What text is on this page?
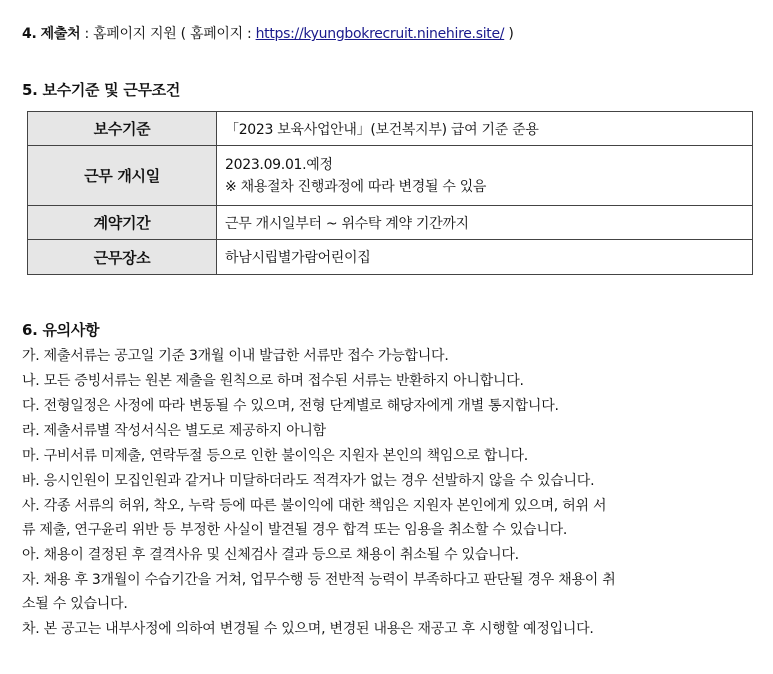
4. 제출처 : 홈페이지 지원 ( 홈페이지 : https://kyungbokrecruit.ninehire.site/ )
5. 보수기준 및 근무조건
보수기준	「2023 보육사업안내」(보건복지부) 급여 기준 준용
근무 개시일	2023.09.01.예정
※ 채용절차 진행과정에 따라 변경될 수 있음

계약기간	근무 개시일부터 ~ 위수탁 계약 기간까지
근무장소	하남시립별가람어린이집
6. 유의사항
가. 제출서류는 공고일 기준 3개월 이내 발급한 서류만 접수 가능합니다.
나. 모든 증빙서류는 원본 제출을 원칙으로 하며 접수된 서류는 반환하지 아니합니다.
다. 전형일정은 사정에 따라 변동될 수 있으며, 전형 단계별로 해당자에게 개별 통지합니다.
라. 제출서류별 작성서식은 별도로 제공하지 아니함
마. 구비서류 미제출, 연락두절 등으로 인한 불이익은 지원자 본인의 책임으로 합니다.
바. 응시인원이 모집인원과 같거나 미달하더라도 적격자가 없는 경우 선발하지 않을 수 있습니다.
사. 각종 서류의 허위, 착오, 누락 등에 따른 불이익에 대한 책임은 지원자 본인에게 있으며, 허위 서
류 제출, 연구윤리 위반 등 부정한 사실이 발견될 경우 합격 또는 임용을 취소할 수 있습니다.
아. 채용이 결정된 후 결격사유 및 신체검사 결과 등으로 채용이 취소될 수 있습니다.
자. 채용 후 3개월이 수습기간을 거쳐, 업무수행 등 전반적 능력이 부족하다고 판단될 경우 채용이 취
소될 수 있습니다.
차. 본 공고는 내부사정에 의하여 변경될 수 있으며, 변경된 내용은 재공고 후 시행할 예정입니다.
